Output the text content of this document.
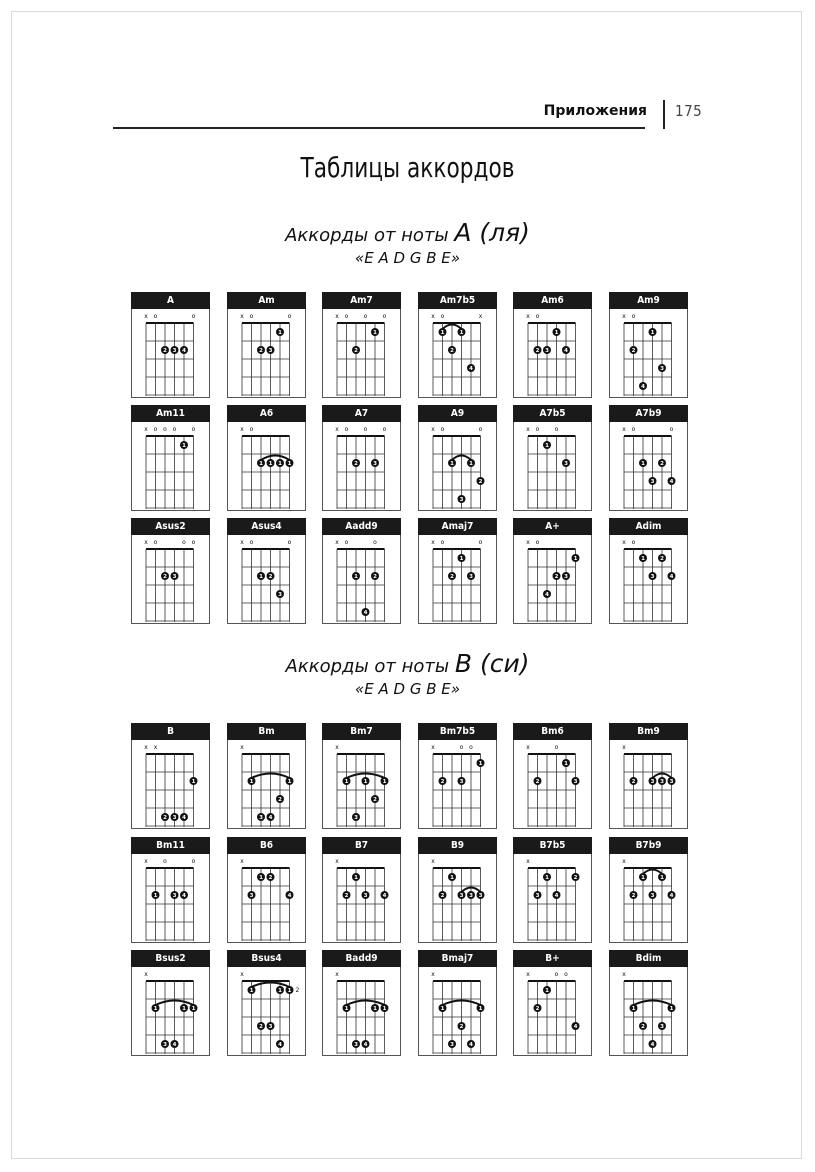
Приложения 175
Таблицы аккордов
Аккорды от ноты A (ля)
«E A D G B E»
Аккорды от ноты B (си)
«E A D G B E»
A
x o	o
2 3 4
Am
x o	o
1
2 3
Am7
x o	o	o
1
2
Am7b5
x o	x
1	1
2
4
Am6
x o
1
2 3	4
Am9
x o
1
2
3
4
Am11
x o o o	o
1
A6
x o
1 1 1 1
A7
x o	o	o
2	3
A9
x o	o
1	1
2
3
A7b5
x o	o
1
3
A7b9
x o	o
1	2
3	4
Asus2
x o	o o
2 3
Asus4
x o	o
1 2
3
Aadd9
x o	o
1	2
4
Amaj7
x o	o
1
2	3
A+
x o
1
2 3
4
Adim
x o
1	2
3	4
B
x x
1
2 3 4
Bm
x
1	1
2
3 4
Bm7
x
1	1	1
2
3
Bm7b5
x	o o
1
2	3
Bm6
x	o
1
2	3
Bm9
x
2	3 3 3
Bm11
x	o	o
1	3 4
B6
x
1 2
3	4
B7
x
1
2	3	4
B9
x
1
2	3 3 3
B7b5
x
1	2
3	4
B7b9
x
1	1
2	3	4
Bsus2
x
1	1 1
3 4
Bsus4
x
1	1 1
2 3
4
2
Badd9
x
1	1 1
3 4
Bmaj7
x
1	1
2
3	4
B+
x	o o
1
2
4
Bdim
x
1	1
2	3
4
